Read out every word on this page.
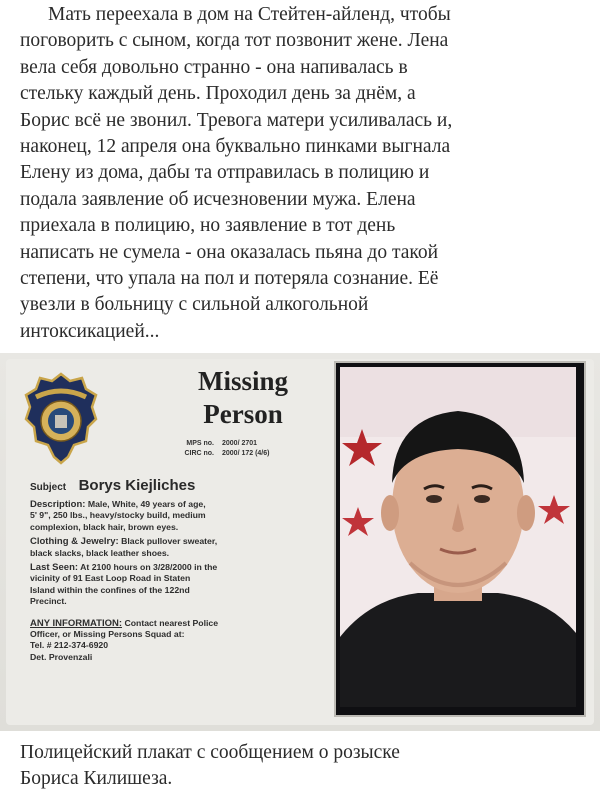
Мать переехала в дом на Стейтен-айленд, чтобы
поговорить с сыном, когда тот позвонит жене. Лена
вела себя довольно странно - она напивалась в
стельку каждый день. Проходил день за днём, а
Борис всё не звонил. Тревога матери усиливалась и,
наконец, 12 апреля она буквально пинками выгнала
Елену из дома, дабы та отправилась в полицию и
подала заявление об исчезновении мужа. Елена
приехала в полицию, но заявление в тот день
написать не сумела - она оказалась пьяна до такой
степени, что упала на пол и потеряла сознание. Её
увезли в больницу с сильной алкогольной
интоксикацией...
Missing
Person
MPS no.	2000/ 2701
CIRC no.	2000/ 172 (4/6)
Subject Borys Kiejliches
Description: Male, White, 49 years of age,
5' 9", 250 lbs., heavy/stocky build, medium
complexion, black hair, brown eyes.
Clothing & Jewelry: Black pullover sweater,
black slacks, black leather shoes.
Last Seen: At 2100 hours on 3/28/2000 in the
vicinity of 91 East Loop Road in Staten
Island within the confines of the 122nd
Precinct.
ANY INFORMATION: Contact nearest Police
Officer, or Missing Persons Squad at:
Tel. # 212-374-6920
Det. Provenzali
Полицейский плакат с сообщением о розыске
Бориса Килишеза.
